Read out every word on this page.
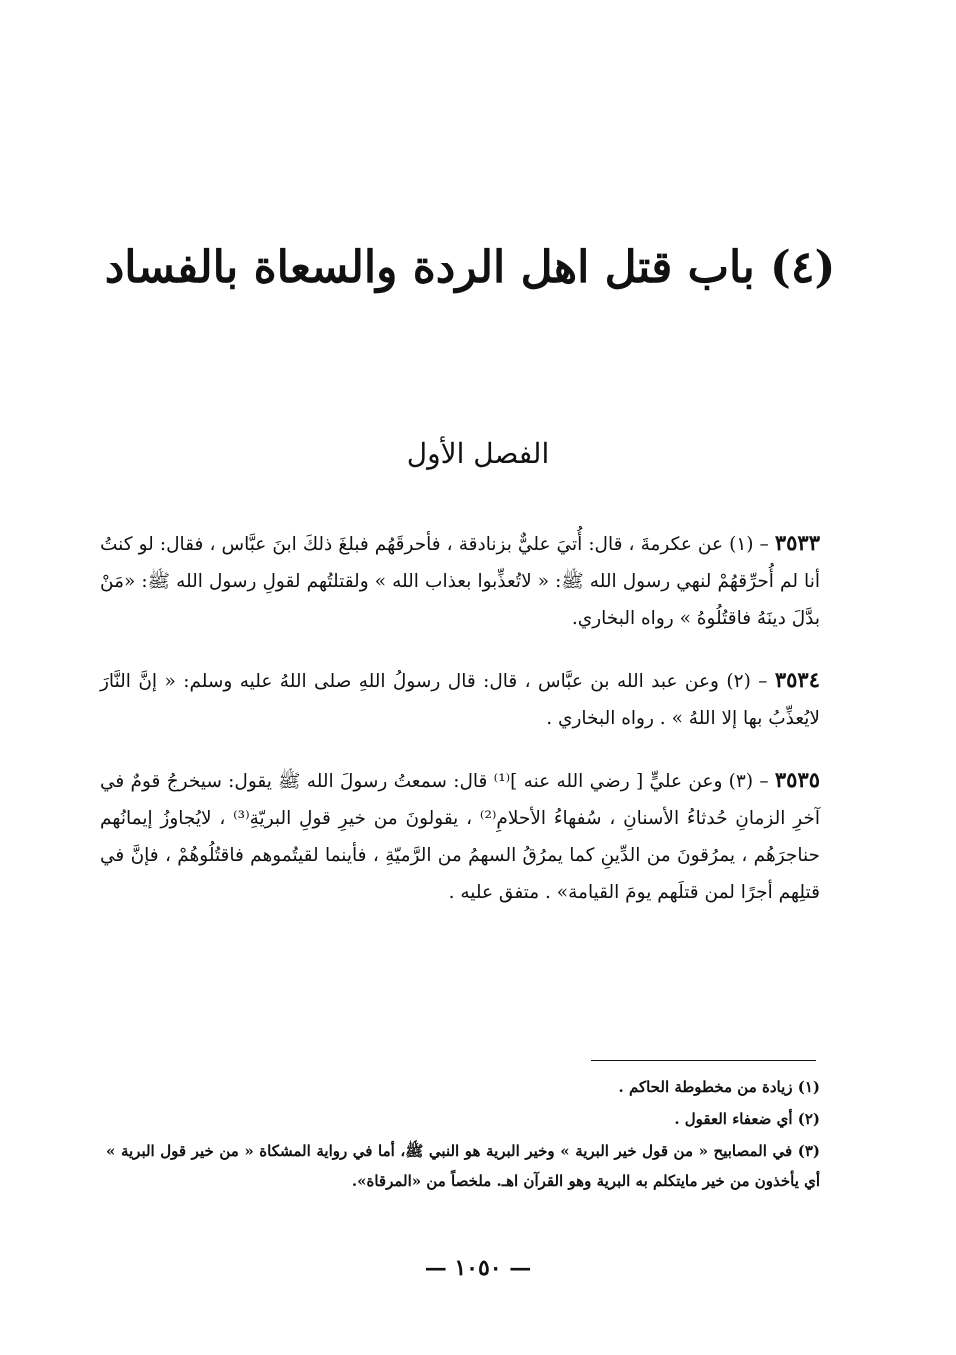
(٤) باب قتل اهل الردة والسعاة بالفساد
الفصل الأول

٣٥٣٣ – (١) عن عكرمةَ ، قال: أُتيَ عليٌّ بزنادقة ، فأحرقَهُم فبلغَ ذلكَ ابنَ عبَّاس ، فقال: لو كنتُ أنا لم أُحرِّقهُمْ لنهي رسول الله ﷺ: « لاتُعذِّبوا بعذاب الله » ولقتلتُهم لقولِ رسول الله ﷺ: «مَنْ بدَّلَ دينَهُ فاقتُلُوهُ » رواه البخاري.

٣٥٣٤ – (٢) وعن عبد الله بن عبَّاس ، قال: قال رسولُ اللهِ صلى اللهُ عليه وسلم: « إنَّ النَّارَ لايُعذِّبُ بها إلا اللهُ » . رواه البخاري .

٣٥٣٥ – (٣) وعن عليٍّ [ رضي الله عنه ]⁽¹⁾ قال: سمعتُ رسولَ الله ﷺ يقول: سيخرجُ قومٌ في آخرِ الزمانِ حُدثاءُ الأسنانِ ، سُفهاءُ الأحلامِ⁽²⁾ ، يقولونَ من خيرِ قولِ البريّةِ⁽³⁾ ، لايُجاوزُ إيمانُهم حناجرَهُم ، يمرُقونَ من الدِّينِ كما يمرُقُ السهمُ من الرَّميّةِ ، فأينما لقيتُموهم فاقتُلُوهُمْ ، فإنَّ في قتلِهم أجرًا لمن قتلَهم يومَ القيامة» . متفق عليه .

(١) زيادة من مخطوطة الحاكم .

(٢) أي ضعفاء العقول .

(٣) في المصابيح « من قول خير البرية » وخير البرية هو النبي ﷺ، أما في رواية المشكاة « من خير قول البرية » أي يأخذون من خير مايتكلم به البرية وهو القرآن اهـ. ملخصاً من «المرقاة».

— ١٠٥٠ —
